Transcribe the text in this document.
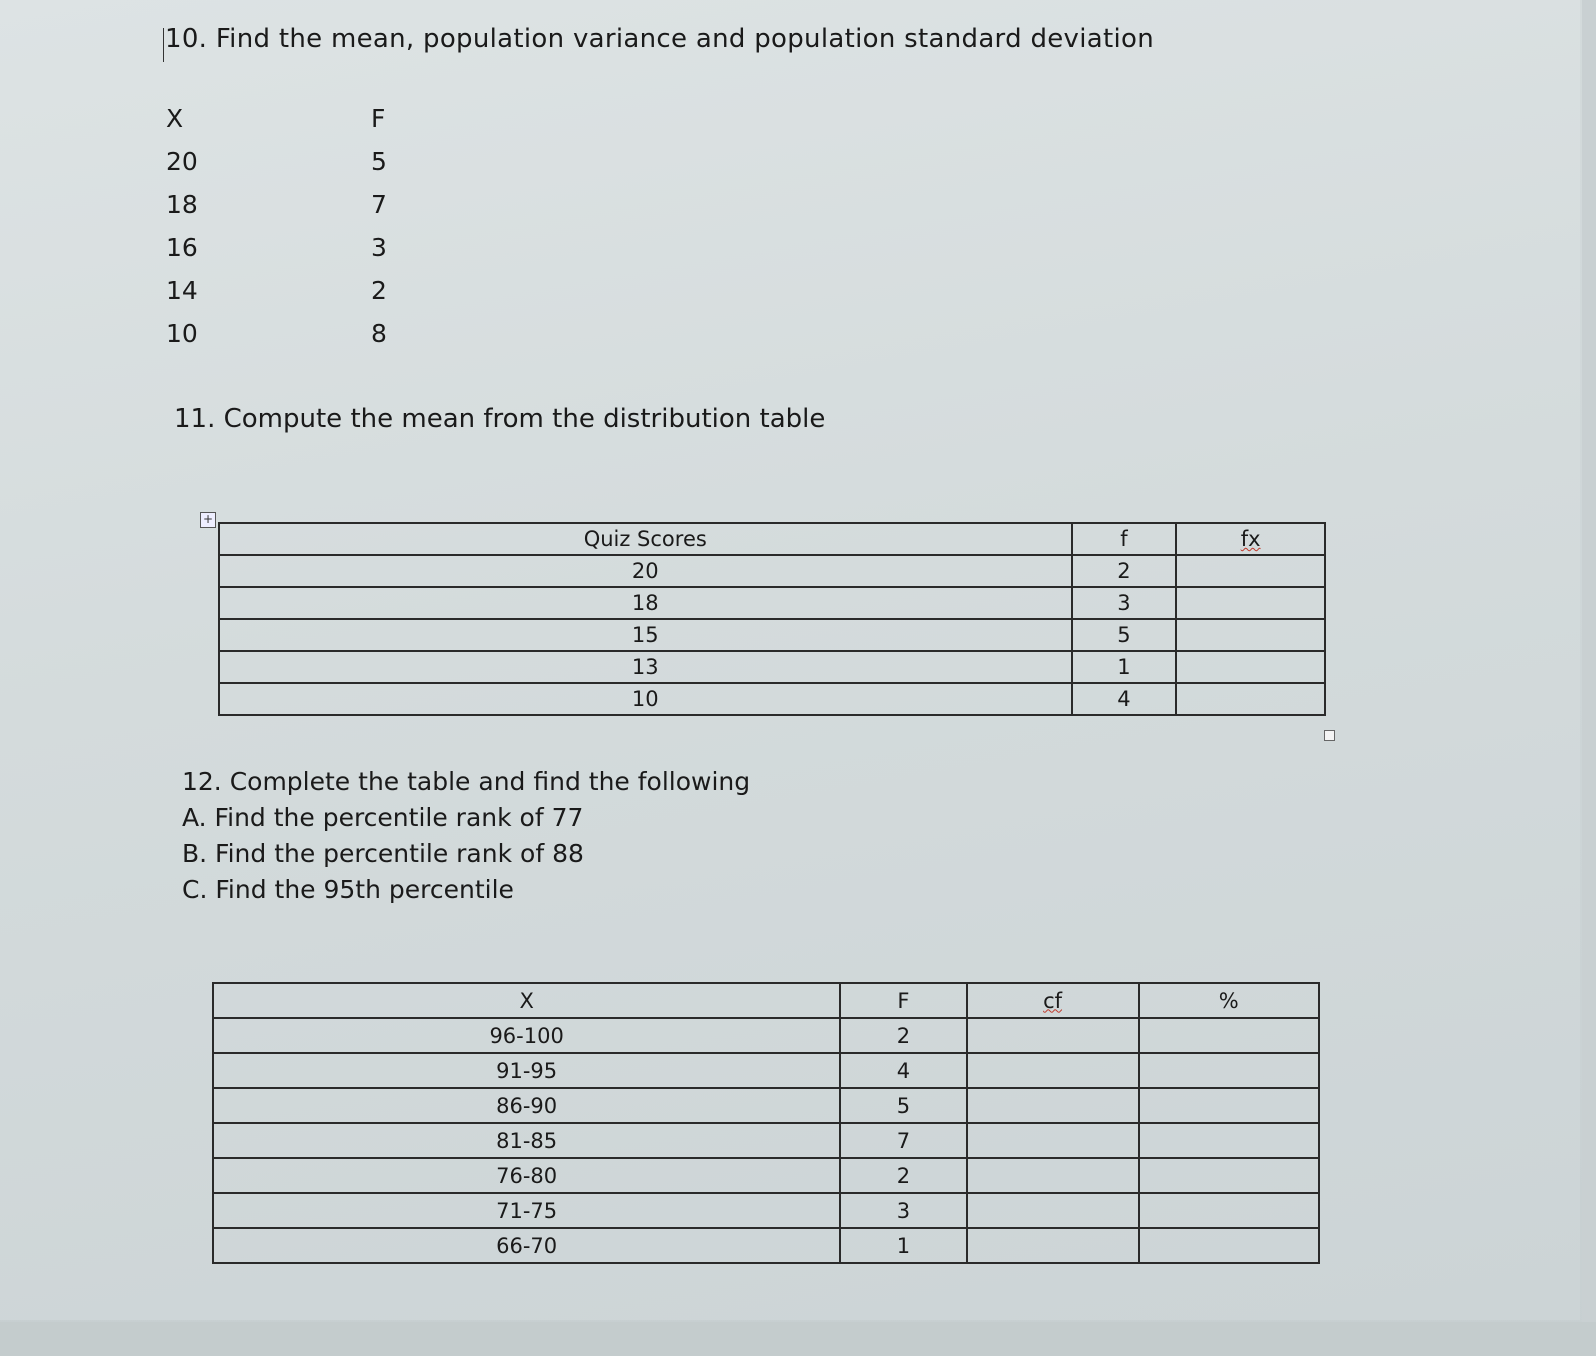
10. Find the mean, population variance and population standard deviation
X	F
20	5
18	7
16	3
14	2
10	8
11. Compute the mean from the distribution table
+
Quiz Scores	f	fx
20	2	
18	3	
15	5	
13	1	
10	4	
12. Complete the table and find the following
A. Find the percentile rank of 77
B. Find the percentile rank of 88
C. Find the 95th percentile
X	F	cf	%
96-100	2		
91-95	4		
86-90	5		
81-85	7		
76-80	2		
71-75	3		
66-70	1		
